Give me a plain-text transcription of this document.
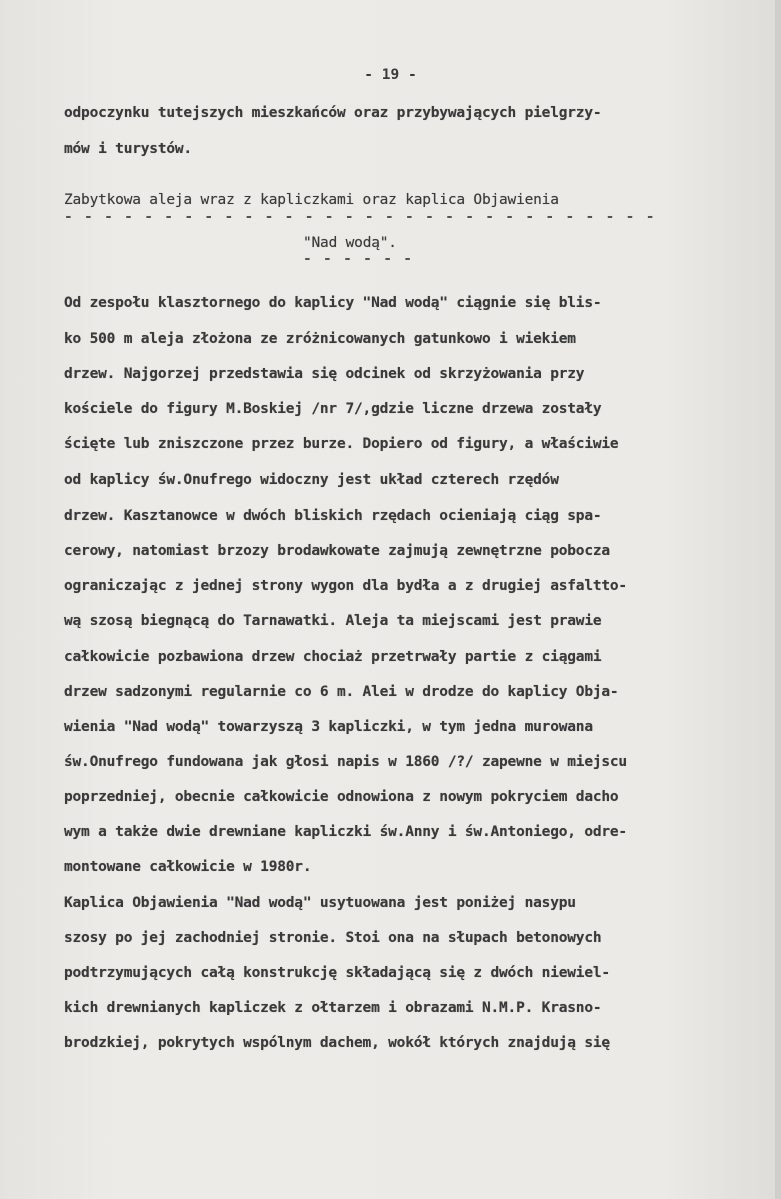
- 19 -
odpoczynku tutejszych mieszkańców oraz przybywających pielgrzy-
mów i turystów.
Zabytkowa aleja wraz z kapliczkami oraz kaplica Objawienia
- - - - - - - - - - - - - - - - - - - - - - - - - - - - - -
"Nad wodą".
- - - - - -
Od zespołu klasztornego do kaplicy "Nad wodą" ciągnie się blis-
ko 500 m aleja złożona ze zróżnicowanych gatunkowo i wiekiem
drzew. Najgorzej przedstawia się odcinek od skrzyżowania przy
kościele do figury M.Boskiej /nr 7/,gdzie liczne drzewa zostały
ścięte lub zniszczone przez burze. Dopiero od figury, a właściwie
od kaplicy św.Onufrego widoczny jest układ czterech rzędów
drzew. Kasztanowce w dwóch bliskich rzędach ocieniają ciąg spa-
cerowy, natomiast brzozy brodawkowate zajmują zewnętrzne pobocza
ograniczając z jednej strony wygon dla bydła a z drugiej asfaltto-
wą szosą biegnącą do Tarnawatki. Aleja ta miejscami jest prawie
całkowicie pozbawiona drzew chociaż przetrwały partie z ciągami
drzew sadzonymi regularnie co 6 m. Alei w drodze do kaplicy Obja-
wienia "Nad wodą" towarzyszą 3 kapliczki, w tym jedna murowana
św.Onufrego fundowana jak głosi napis w 1860 /?/ zapewne w miejscu
poprzedniej, obecnie całkowicie odnowiona z nowym pokryciem dacho
wym a także dwie drewniane kapliczki św.Anny i św.Antoniego, odre-
montowane całkowicie w 1980r.
Kaplica Objawienia "Nad wodą" usytuowana jest poniżej nasypu
szosy po jej zachodniej stronie. Stoi ona na słupach betonowych
podtrzymujących całą konstrukcję składającą się z dwóch niewiel-
kich drewnianych kapliczek z ołtarzem i obrazami N.M.P. Krasno-
brodzkiej, pokrytych wspólnym dachem, wokół których znajdują się
